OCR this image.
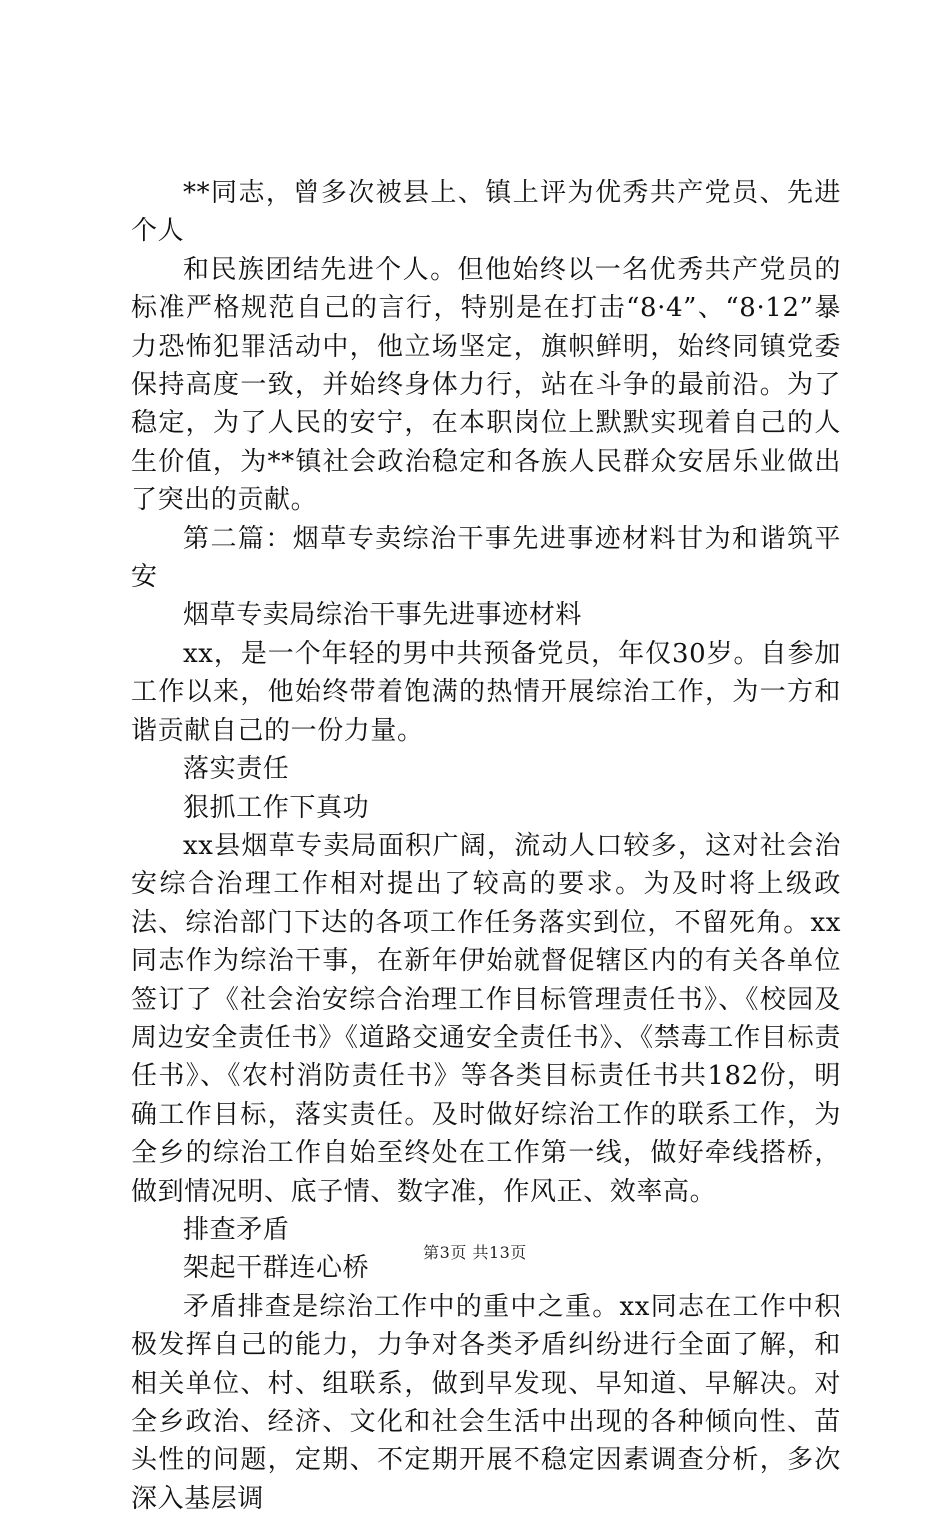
**同志，曾多次被县上、镇上评为优秀共产党员、先进个人

和民族团结先进个人。但他始终以一名优秀共产党员的标准严格规范自己的言行，特别是在打击“8·4”、“8·12”暴力恐怖犯罪活动中，他立场坚定，旗帜鲜明，始终同镇党委保持高度一致，并始终身体力行，站在斗争的最前沿。为了稳定，为了人民的安宁，在本职岗位上默默实现着自己的人生价值，为**镇社会政治稳定和各族人民群众安居乐业做出了突出的贡献。

第二篇：烟草专卖综治干事先进事迹材料甘为和谐筑平安

烟草专卖局综治干事先进事迹材料

xx，是一个年轻的男中共预备党员，年仅30岁。自参加工作以来，他始终带着饱满的热情开展综治工作，为一方和谐贡献自己的一份力量。

落实责任

狠抓工作下真功

xx县烟草专卖局面积广阔，流动人口较多，这对社会治安综合治理工作相对提出了较高的要求。为及时将上级政法、综治部门下达的各项工作任务落实到位，不留死角。xx同志作为综治干事，在新年伊始就督促辖区内的有关各单位签订了《社会治安综合治理工作目标管理责任书》、《校园及周边安全责任书》《道路交通安全责任书》、《禁毒工作目标责任书》、《农村消防责任书》等各类目标责任书共182份，明确工作目标，落实责任。及时做好综治工作的联系工作，为全乡的综治工作自始至终处在工作第一线，做好牵线搭桥，做到情况明、底子情、数字准，作风正、效率高。

排查矛盾

架起干群连心桥

矛盾排查是综治工作中的重中之重。xx同志在工作中积极发挥自己的能力，力争对各类矛盾纠纷进行全面了解，和相关单位、村、组联系，做到早发现、早知道、早解决。对全乡政治、经济、文化和社会生活中出现的各种倾向性、苗头性的问题，定期、不定期开展不稳定因素调查分析，多次深入基层调

第3页 共13页
